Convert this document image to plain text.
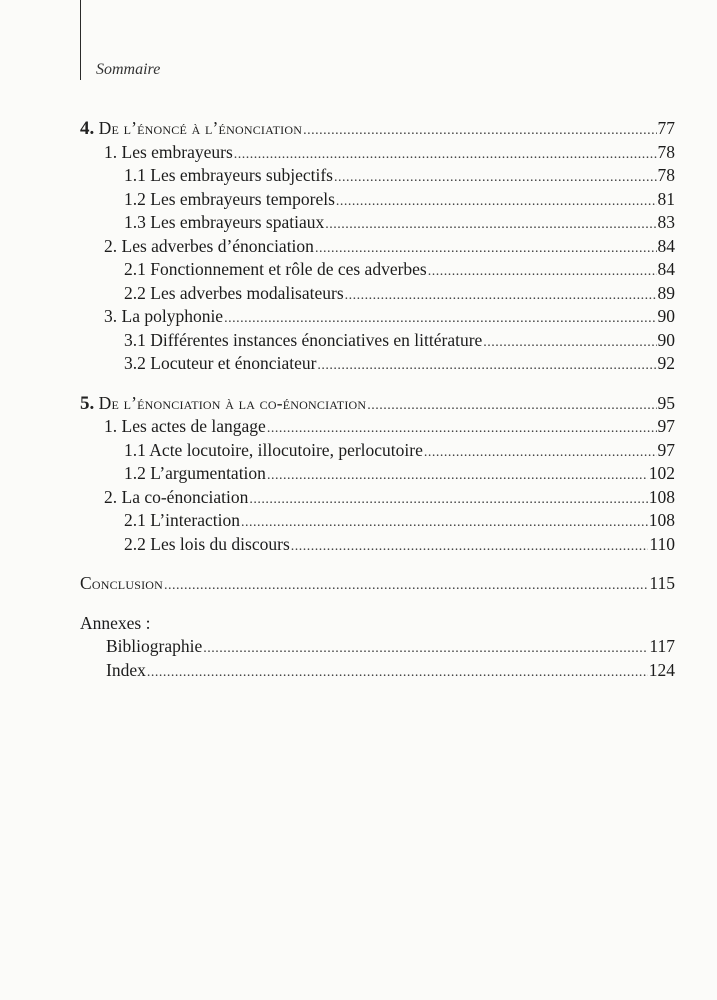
Sommaire
4. De l’énoncé à l’énonciation .....	77
1. Les embrayeurs .....	78
1.1 Les embrayeurs subjectifs .....	78
1.2 Les embrayeurs temporels .....	81
1.3 Les embrayeurs spatiaux .....	83
2. Les adverbes d’énonciation .....	84
2.1 Fonctionnement et rôle de ces adverbes .....	84
2.2 Les adverbes modalisateurs .....	89
3. La polyphonie .....	90
3.1 Différentes instances énonciatives en littérature .....	90
3.2 Locuteur et énonciateur .....	92
5. De l’énonciation à la co-énonciation .....	95
1. Les actes de langage .....	97
1.1 Acte locutoire, illocutoire, perlocutoire .....	97
1.2 L’argumentation .....	102
2. La co-énonciation .....	108
2.1 L’interaction .....	108
2.2 Les lois du discours .....	110
Conclusion .....	115
Annexes :
Bibliographie .....	117
Index .....	124
